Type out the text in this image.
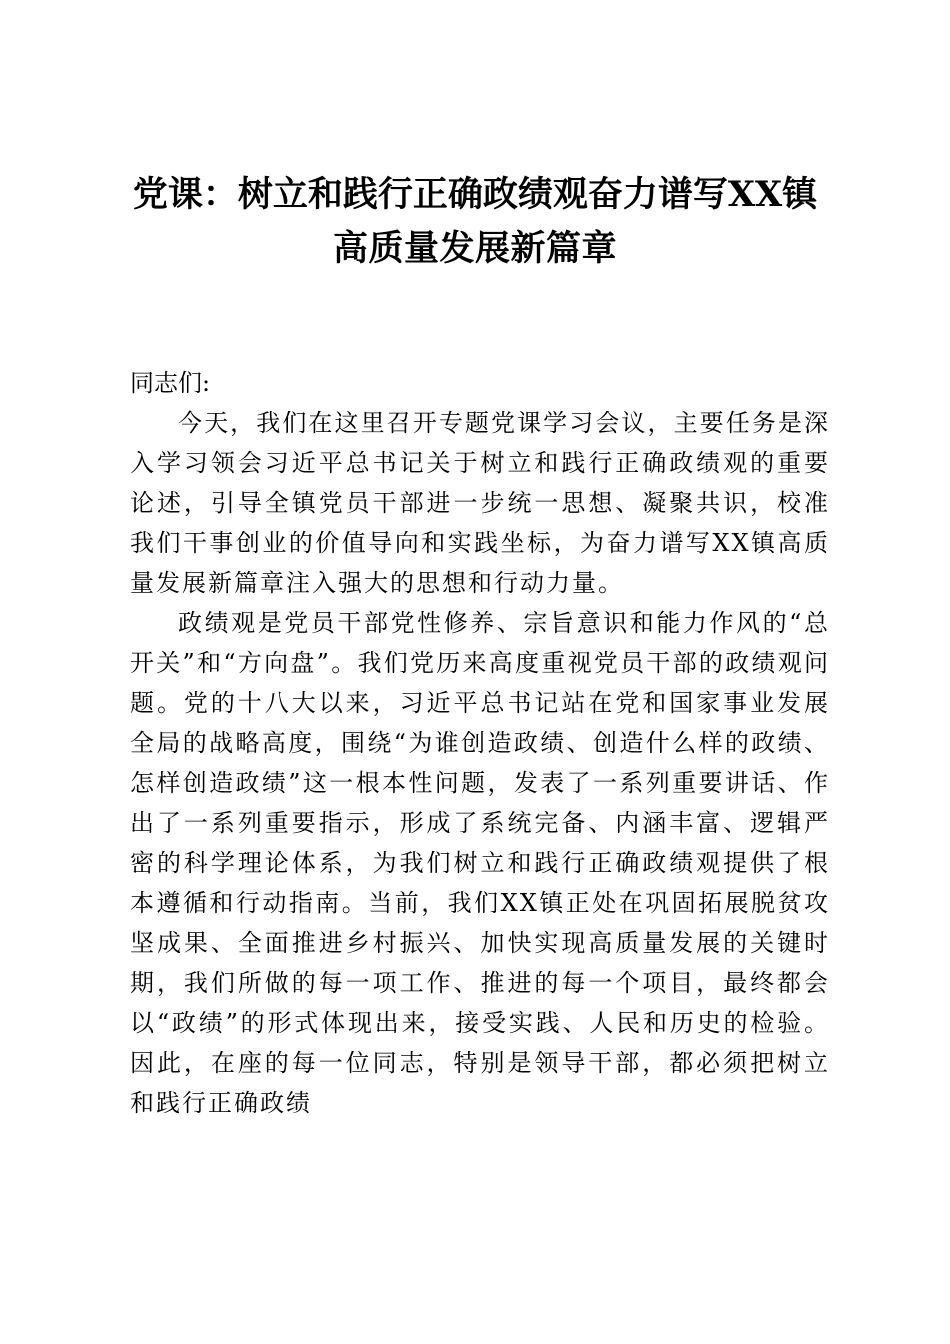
党课：树立和践行正确政绩观奋力谱写XX镇
高质量发展新篇章

同志们:

今天，我们在这里召开专题党课学习会议，主要任务是深入学习领会习近平总书记关于树立和践行正确政绩观的重要论述，引导全镇党员干部进一步统一思想、凝聚共识，校准我们干事创业的价值导向和实践坐标，为奋力谱写XX镇高质量发展新篇章注入强大的思想和行动力量。

政绩观是党员干部党性修养、宗旨意识和能力作风的“总开关”和“方向盘”。我们党历来高度重视党员干部的政绩观问题。党的十八大以来，习近平总书记站在党和国家事业发展全局的战略高度，围绕“为谁创造政绩、创造什么样的政绩、怎样创造政绩”这一根本性问题，发表了一系列重要讲话、作出了一系列重要指示，形成了系统完备、内涵丰富、逻辑严密的科学理论体系，为我们树立和践行正确政绩观提供了根本遵循和行动指南。当前，我们XX镇正处在巩固拓展脱贫攻坚成果、全面推进乡村振兴、加快实现高质量发展的关键时期，我们所做的每一项工作、推进的每一个项目，最终都会以“政绩”的形式体现出来，接受实践、人民和历史的检验。因此，在座的每一位同志，特别是领导干部，都必须把树立和践行正确政绩
